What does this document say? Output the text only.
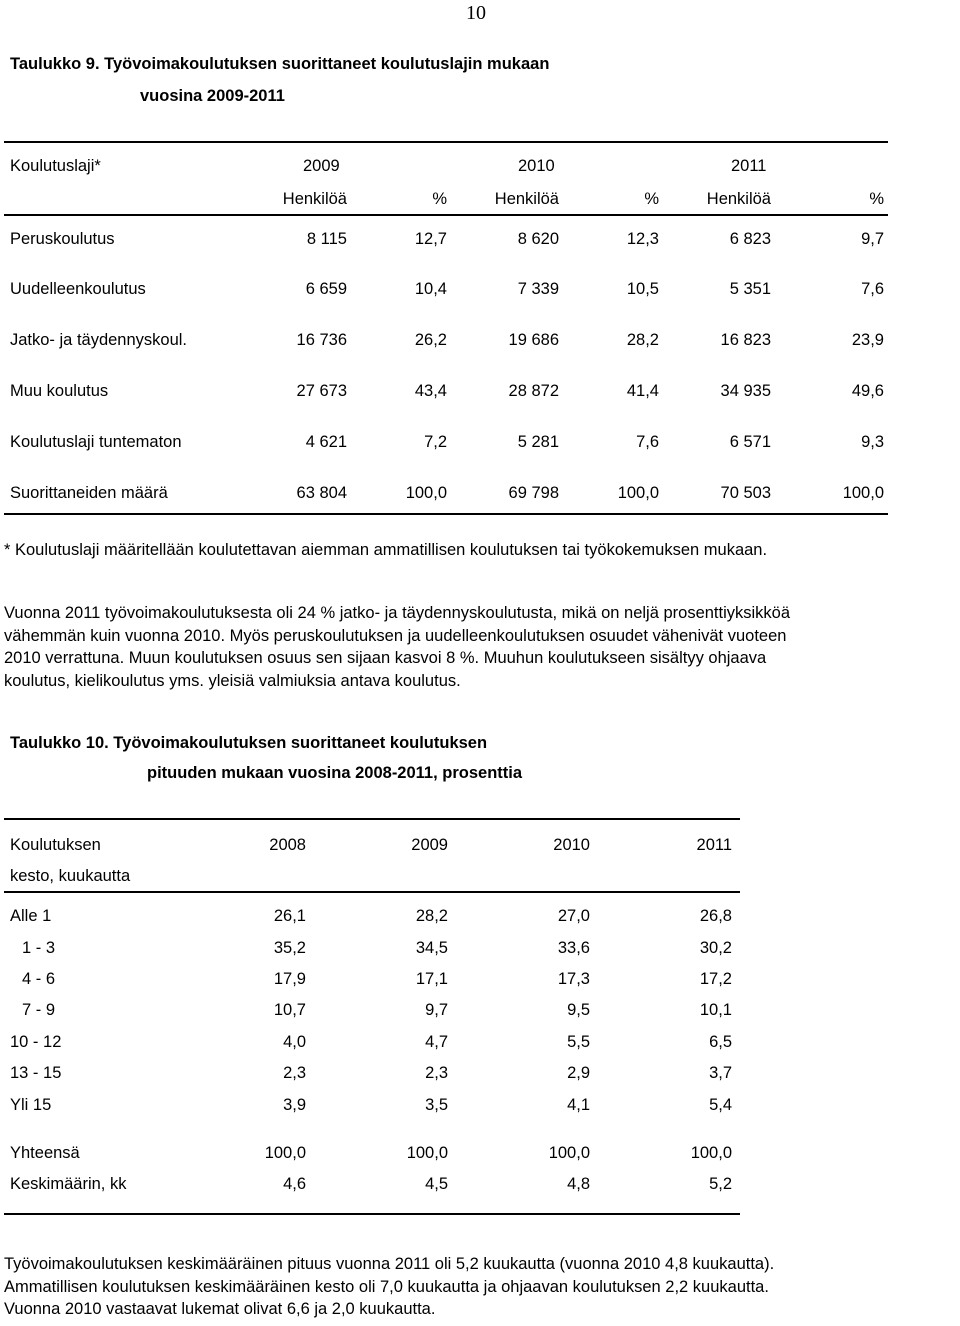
10
Taulukko 9. Työvoimakoulutuksen suorittaneet koulutuslajin mukaan
vuosina 2009-2011
Koulutuslaji*	2009	2010	2011
Henkilöä	%	Henkilöä	%	Henkilöä	%
Peruskoulutus	8 115	12,7	8 620	12,3	6 823	9,7
Uudelleenkoulutus	6 659	10,4	7 339	10,5	5 351	7,6
Jatko- ja täydennyskoul.	16 736	26,2	19 686	28,2	16 823	23,9
Muu koulutus	27 673	43,4	28 872	41,4	34 935	49,6
Koulutuslaji tuntematon	4 621	7,2	5 281	7,6	6 571	9,3
Suorittaneiden määrä	63 804	100,0	69 798	100,0	70 503	100,0
* Koulutuslaji määritellään koulutettavan aiemman ammatillisen koulutuksen tai työkokemuksen mukaan.
Vuonna 2011 työvoimakoulutuksesta oli 24 % jatko- ja täydennyskoulutusta, mikä on neljä prosenttiyksikköä
vähemmän kuin vuonna 2010. Myös peruskoulutuksen ja uudelleenkoulutuksen osuudet vähenivät vuoteen
2010 verrattuna. Muun koulutuksen osuus sen sijaan kasvoi 8 %. Muuhun koulutukseen sisältyy ohjaava
koulutus, kielikoulutus yms. yleisiä valmiuksia antava koulutus.
Taulukko 10. Työvoimakoulutuksen suorittaneet koulutuksen
pituuden mukaan vuosina 2008-2011, prosenttia
Koulutuksen
kesto, kuukautta
2008	2009	2010	2011
Alle 1	26,1	28,2	27,0	26,8
1 - 3	35,2	34,5	33,6	30,2
4 - 6	17,9	17,1	17,3	17,2
7 - 9	10,7	9,7	9,5	10,1
10 - 12	4,0	4,7	5,5	6,5
13 - 15	2,3	2,3	2,9	3,7
Yli 15	3,9	3,5	4,1	5,4
Yhteensä	100,0	100,0	100,0	100,0
Keskimäärin, kk	4,6	4,5	4,8	5,2
Työvoimakoulutuksen keskimääräinen pituus vuonna 2011 oli 5,2 kuukautta (vuonna 2010 4,8 kuukautta).
Ammatillisen koulutuksen keskimääräinen kesto oli 7,0 kuukautta ja ohjaavan koulutuksen 2,2 kuukautta.
Vuonna 2010 vastaavat lukemat olivat 6,6 ja 2,0 kuukautta.
